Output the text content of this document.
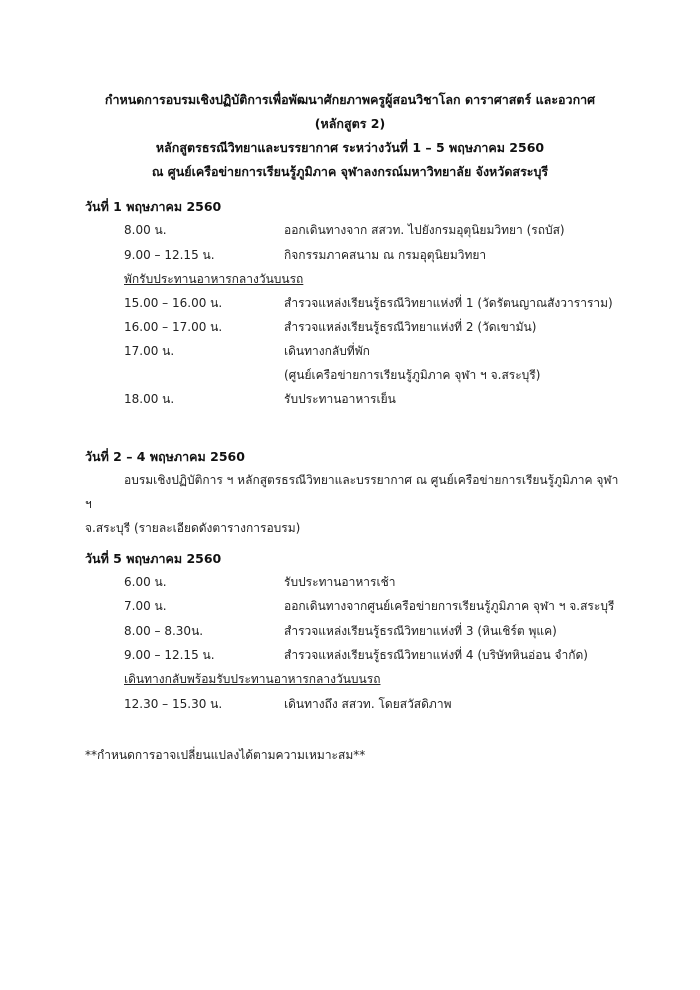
กำหนดการอบรมเชิงปฏิบัติการเพื่อพัฒนาศักยภาพครูผู้สอนวิชาโลก ดาราศาสตร์ และอวกาศ
(หลักสูตร 2)
หลักสูตรธรณีวิทยาและบรรยากาศ ระหว่างวันที่ 1 – 5 พฤษภาคม 2560
ณ ศูนย์เครือข่ายการเรียนรู้ภูมิภาค จุฬาลงกรณ์มหาวิทยาลัย จังหวัดสระบุรี
วันที่ 1 พฤษภาคม 2560
8.00 น.	ออกเดินทางจาก สสวท. ไปยังกรมอุตุนิยมวิทยา (รถบัส)
9.00 – 12.15 น.	กิจกรรมภาคสนาม ณ กรมอุตุนิยมวิทยา
พักรับประทานอาหารกลางวันบนรถ
15.00 – 16.00 น.	สำรวจแหล่งเรียนรู้ธรณีวิทยาแห่งที่ 1 (วัดรัตนญาณสังวาราราม)
16.00 – 17.00 น.	สำรวจแหล่งเรียนรู้ธรณีวิทยาแห่งที่ 2 (วัดเขามัน)
17.00 น.	เดินทางกลับที่พัก
(ศูนย์เครือข่ายการเรียนรู้ภูมิภาค จุฬา ฯ จ.สระบุรี)
18.00 น.	รับประทานอาหารเย็น
วันที่ 2 – 4 พฤษภาคม 2560
อบรมเชิงปฏิบัติการ ฯ หลักสูตรธรณีวิทยาและบรรยากาศ ณ ศูนย์เครือข่ายการเรียนรู้ภูมิภาค จุฬา ฯ
จ.สระบุรี (รายละเอียดดังตารางการอบรม)
วันที่ 5 พฤษภาคม 2560
6.00 น.	รับประทานอาหารเช้า
7.00 น.	ออกเดินทางจากศูนย์เครือข่ายการเรียนรู้ภูมิภาค จุฬา ฯ จ.สระบุรี
8.00 – 8.30น.	สำรวจแหล่งเรียนรู้ธรณีวิทยาแห่งที่ 3 (หินเชิร์ต พุแค)
9.00 – 12.15 น.	สำรวจแหล่งเรียนรู้ธรณีวิทยาแห่งที่ 4 (บริษัทหินอ่อน จำกัด)
เดินทางกลับพร้อมรับประทานอาหารกลางวันบนรถ
12.30 – 15.30 น.	เดินทางถึง สสวท. โดยสวัสดิภาพ
**กำหนดการอาจเปลี่ยนแปลงได้ตามความเหมาะสม**
